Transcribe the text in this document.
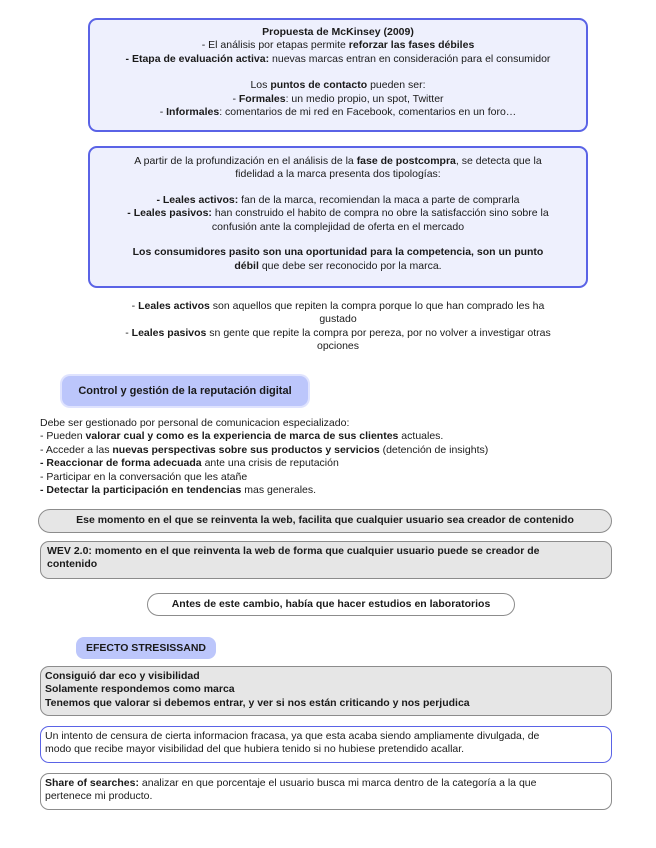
Propuesta de McKinsey (2009)
- El análisis por etapas permite reforzar las fases débiles
- Etapa de evaluación activa: nuevas marcas entran en consideración para el consumidor
Los puntos de contacto pueden ser:
- Formales: un medio propio, un spot, Twitter
- Informales: comentarios de mi red en Facebook, comentarios en un foro…
A partir de la profundización en el análisis de la fase de postcompra, se detecta que la
fidelidad a la marca presenta dos tipologías:
- Leales activos: fan de la marca, recomiendan la maca a parte de comprarla
- Leales pasivos: han construido el habito de compra no obre la satisfacción sino sobre la
confusión ante la complejidad de oferta en el mercado
Los consumidores pasito son una oportunidad para la competencia, son un punto
débil que debe ser reconocido por la marca.
- Leales activos son aquellos que repiten la compra porque lo que han comprado les ha
gustado
- Leales pasivos sn gente que repite la compra por pereza, por no volver a investigar otras
opciones
Control y gestión de la reputación digital
Debe ser gestionado por personal de comunicacion especializado:
- Pueden valorar cual y como es la experiencia de marca de sus clientes actuales.
- Acceder a las nuevas perspectivas sobre sus productos y servicios (detención de insights)
- Reaccionar de forma adecuada ante una crisis de reputación
- Participar en la conversación que les atañe
- Detectar la participación en tendencias mas generales.
Ese momento en el que se reinventa la web, facilita que cualquier usuario sea creador de contenido
WEV 2.0: momento en el que reinventa la web de forma que cualquier usuario puede se creador de
contenido
Antes de este cambio, había que hacer estudios en laboratorios
EFECTO STRESISSAND
Consiguió dar eco y visibilidad
Solamente respondemos como marca
Tenemos que valorar si debemos entrar, y ver si nos están criticando y nos perjudica
Un intento de censura de cierta informacion fracasa, ya que esta acaba siendo ampliamente divulgada, de
modo que recibe mayor visibilidad del que hubiera tenido si no hubiese pretendido acallar.
Share of searches: analizar en que porcentaje el usuario busca mi marca dentro de la categoría a la que
pertenece mi producto.
